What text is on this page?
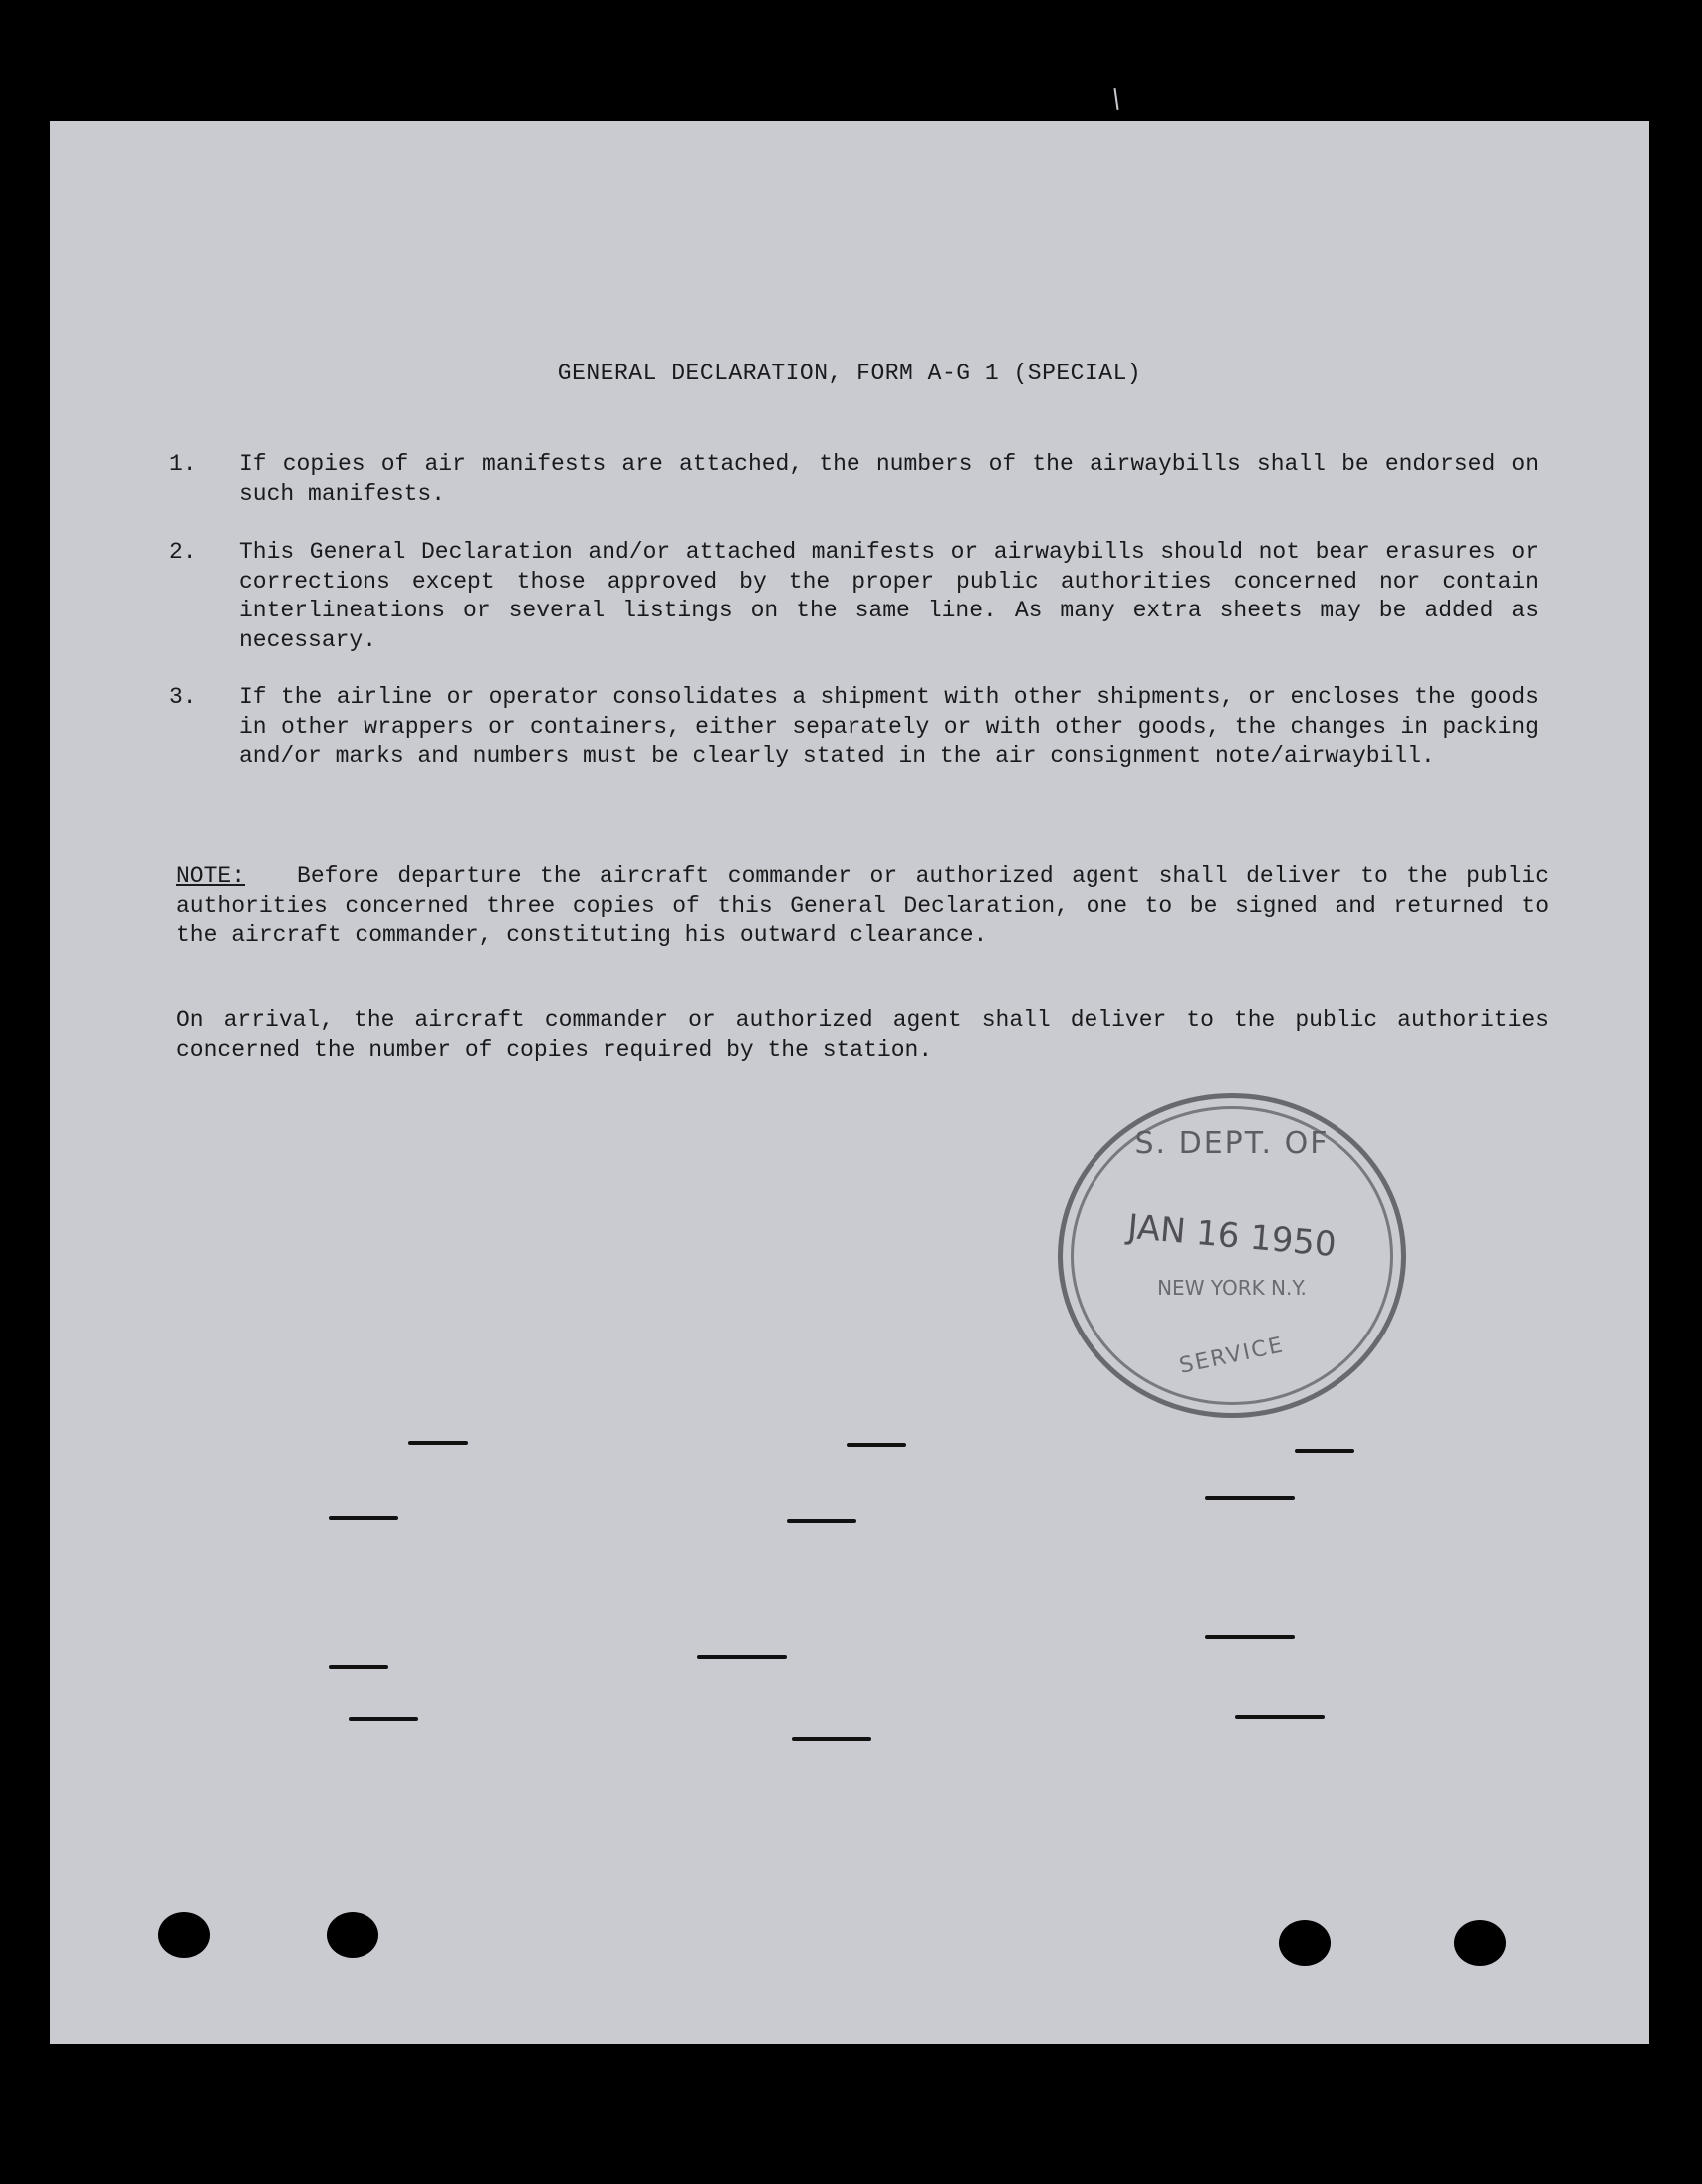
GENERAL DECLARATION, FORM A-G 1 (SPECIAL)
1. If copies of air manifests are attached, the numbers of the airwaybills shall be endorsed on such manifests.
2. This General Declaration and/or attached manifests or airwaybills should not bear erasures or corrections except those approved by the proper public authorities concerned nor contain interlineations or several listings on the same line. As many extra sheets may be added as necessary.
3. If the airline or operator consolidates a shipment with other shipments, or encloses the goods in other wrappers or containers, either separately or with other goods, the changes in packing and/or marks and numbers must be clearly stated in the air consignment note/airwaybill.
NOTE: Before departure the aircraft commander or authorized agent shall deliver to the public authorities concerned three copies of this General Declaration, one to be signed and returned to the aircraft commander, constituting his outward clearance.
On arrival, the aircraft commander or authorized agent shall deliver to the public authorities concerned the number of copies required by the station.
S. DEPT. OF
JAN 16 1950
NEW YORK N.Y.
SERVICE
